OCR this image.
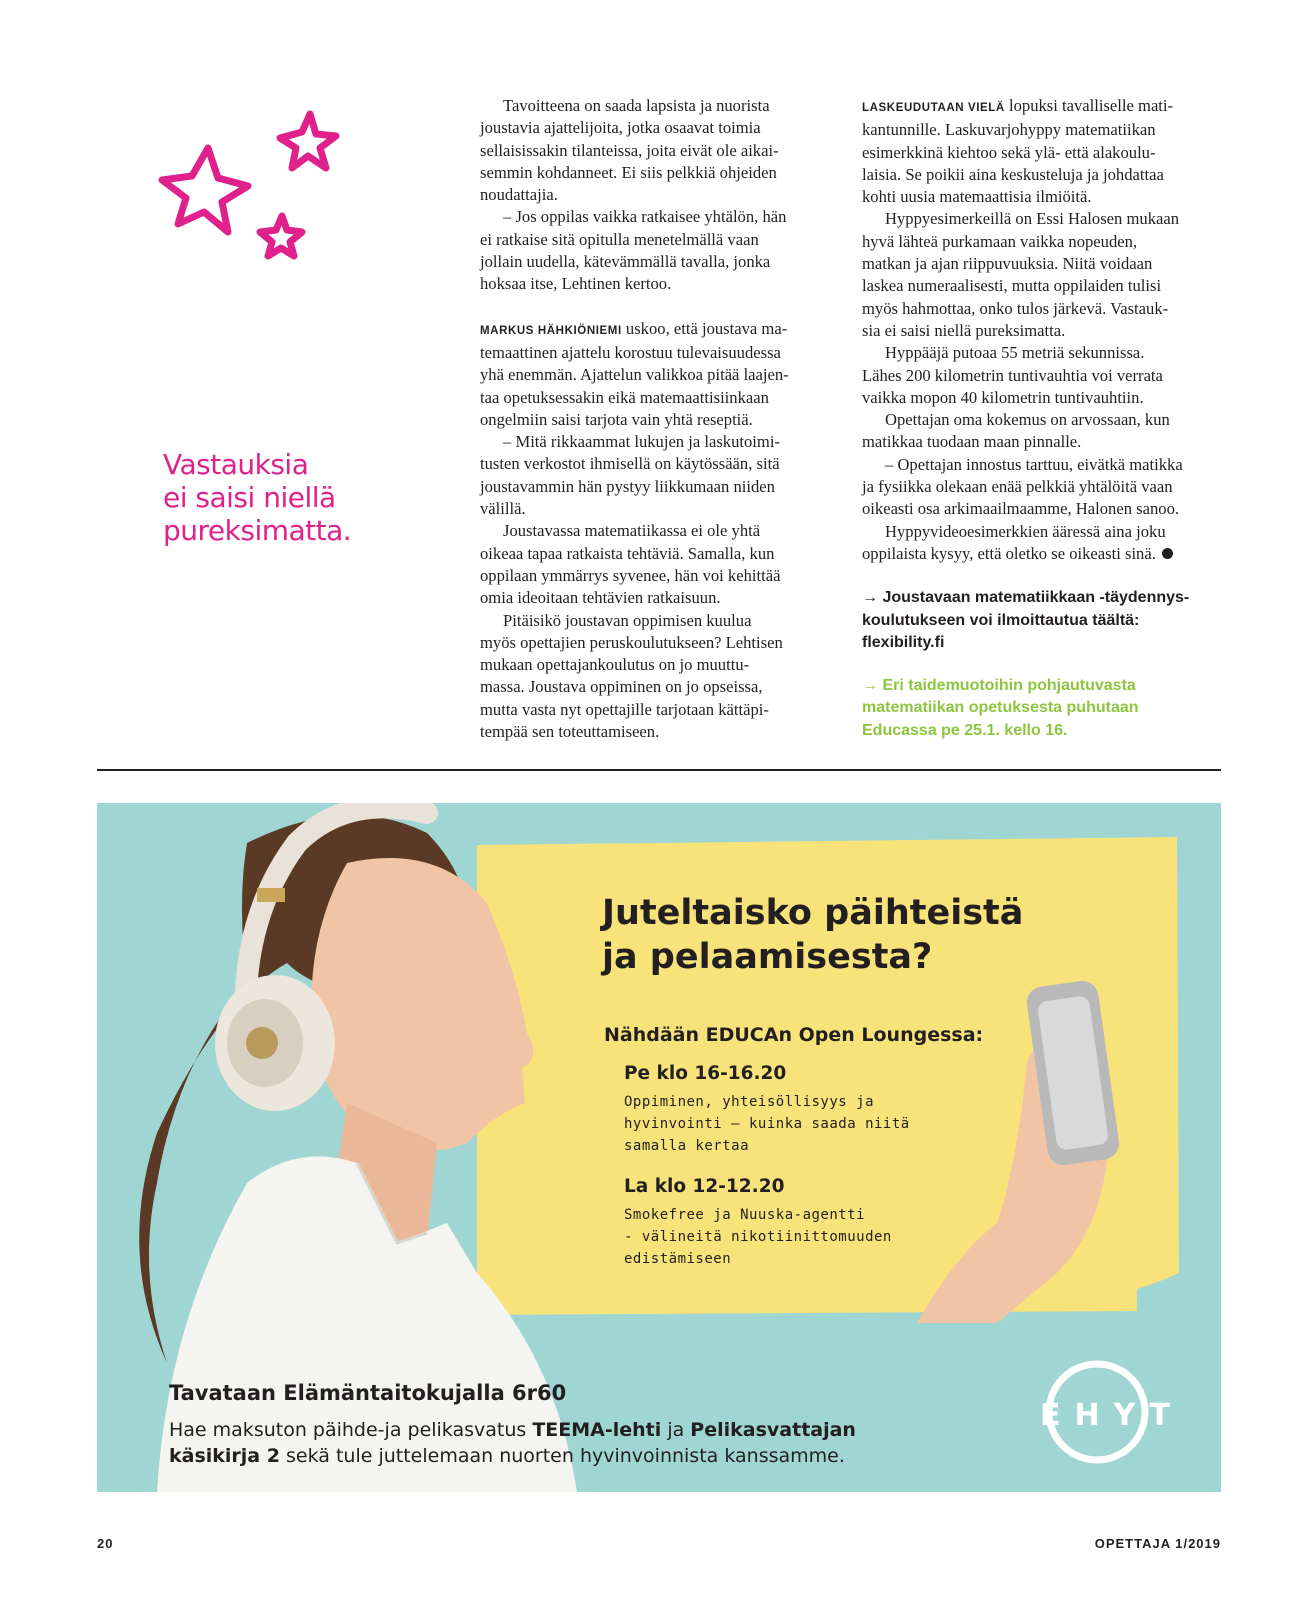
Vastauksia
ei saisi niellä
pureksimatta.

Tavoitteena on saada lapsista ja nuorista
joustavia ajattelijoita, jotka osaavat toimia
sellaisissakin tilanteissa, joita eivät ole aikai-
semmin kohdanneet. Ei siis pelkkiä ohjeiden
noudattajia.

– Jos oppilas vaikka ratkaisee yhtälön, hän
ei ratkaise sitä opitulla menetelmällä vaan
jollain uudella, kätevämmällä tavalla, jonka
hoksaa itse, Lehtinen kertoo.

MARKUS HÄHKIÖNIEMI uskoo, että joustava ma-
temaattinen ajattelu korostuu tulevaisuudessa
yhä enemmän. Ajattelun valikkoa pitää laajen-
taa opetuksessakin eikä matemaattisiinkaan
ongelmiin saisi tarjota vain yhtä reseptiä.

– Mitä rikkaammat lukujen ja laskutoimi-
tusten verkostot ihmisellä on käytössään, sitä
joustavammin hän pystyy liikkumaan niiden
välillä.

Joustavassa matematiikassa ei ole yhtä
oikeaa tapaa ratkaista tehtäviä. Samalla, kun
oppilaan ymmärrys syvenee, hän voi kehittää
omia ideoitaan tehtävien ratkaisuun.

Pitäisikö joustavan oppimisen kuulua
myös opettajien peruskoulutukseen? Lehtisen
mukaan opettajankoulutus on jo muuttu-
massa. Joustava oppiminen on jo opseissa,
mutta vasta nyt opettajille tarjotaan kättäpi-
tempää sen toteuttamiseen.

LASKEUDUTAAN VIELÄ lopuksi tavalliselle mati-
kantunnille. Laskuvarjohyppy matematiikan
esimerkkinä kiehtoo sekä ylä- että alakoulu-
laisia. Se poikii aina keskusteluja ja johdattaa
kohti uusia matemaattisia ilmiöitä.

Hyppyesimerkeillä on Essi Halosen mukaan
hyvä lähteä purkamaan vaikka nopeuden,
matkan ja ajan riippuvuuksia. Niitä voidaan
laskea numeraalisesti, mutta oppilaiden tulisi
myös hahmottaa, onko tulos järkevä. Vastauk-
sia ei saisi niellä pureksimatta.

Hyppääjä putoaa 55 metriä sekunnissa.
Lähes 200 kilometrin tuntivauhtia voi verrata
vaikka mopon 40 kilometrin tuntivauhtiin.

Opettajan oma kokemus on arvossaan, kun
matikkaa tuodaan maan pinnalle.

– Opettajan innostus tarttuu, eivätkä matikka
ja fysiikka olekaan enää pelkkiä yhtälöitä vaan
oikeasti osa arkimaailmaamme, Halonen sanoo.

Hyppyvideoesimerkkien ääressä aina joku
oppilaista kysyy, että oletko se oikeasti sinä.

→ Joustavaan matematiikkaan -täydennys-
koulutukseen voi ilmoittautua täältä:
flexibility.fi
→ Eri taidemuotoihin pohjautuvasta
matematiikan opetuksesta puhutaan
Educassa pe 25.1. kello 16.
Juteltaisko päihteistä
ja pelaamisesta?
Nähdään EDUCAn Open Loungessa:
Pe klo 16-16.20
Oppiminen, yhteisöllisyys ja
hyvinvointi – kuinka saada niitä
samalla kertaa
La klo 12-12.20
Smokefree ja Nuuska-agentti
- välineitä nikotiinittomuuden
edistämiseen
Tavataan Elämäntaitokujalla 6r60
Hae maksuton päihde-ja pelikasvatus TEEMA-lehti ja Pelikasvattajan
käsikirja 2 sekä tule juttelemaan nuorten hyvinvoinnista kanssamme.
EHYT
20	OPETTAJA 1/2019
